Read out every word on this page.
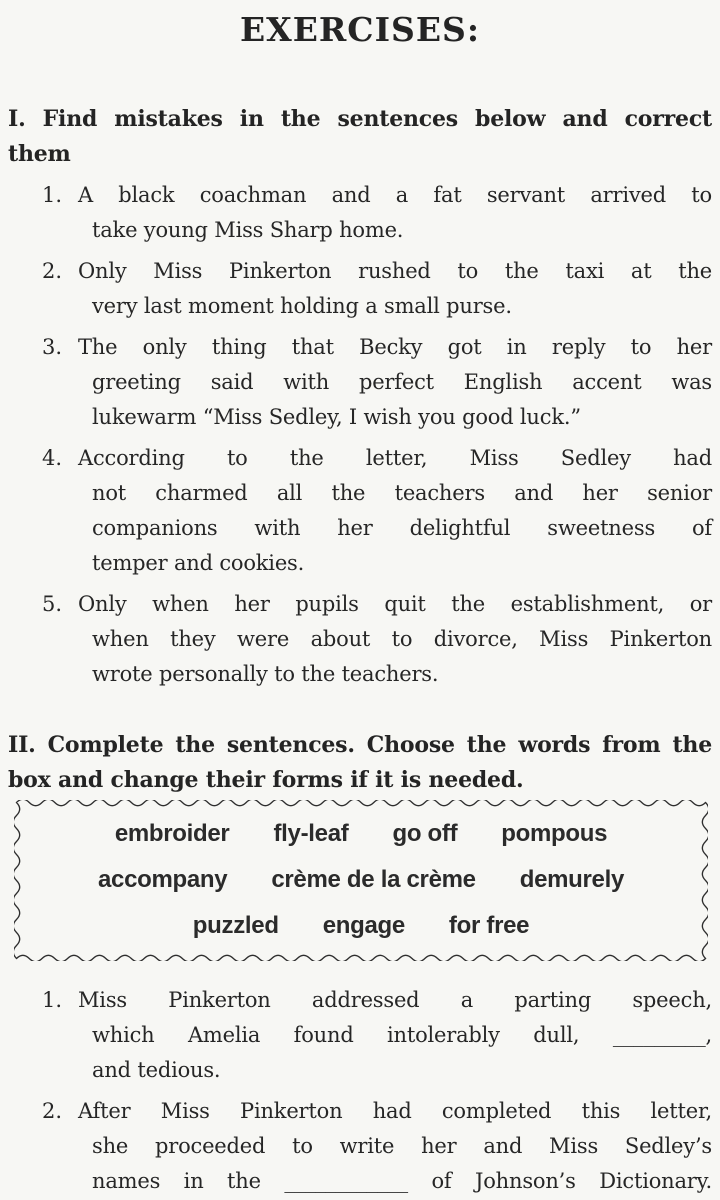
EXERCISES:
I. Find mistakes in the sentences below and correct
them
1. A black coachman and a fat servant arrived to
take young Miss Sharp home.
2. Only Miss Pinkerton rushed to the taxi at the
very last moment holding a small purse.
3. The only thing that Becky got in reply to her
greeting said with perfect English accent was
lukewarm “Miss Sedley, I wish you good luck.”
4. According to the letter, Miss Sedley had
not charmed all the teachers and her senior
companions with her delightful sweetness of
temper and cookies.
5. Only when her pupils quit the establishment, or
when they were about to divorce, Miss Pinkerton
wrote personally to the teachers.
II. Complete the sentences. Choose the words from the
box and change their forms if it is needed.
embroider fly-leaf go off pompous
accompany crème de la crème demurely
puzzled engage for free
1. Miss Pinkerton addressed a parting speech,
which Amelia found intolerably dull, _________,
and tedious.
2. After Miss Pinkerton had completed this letter,
she proceeded to write her and Miss Sedley’s
names in the ____________ of Johnson’s Dictionary.
